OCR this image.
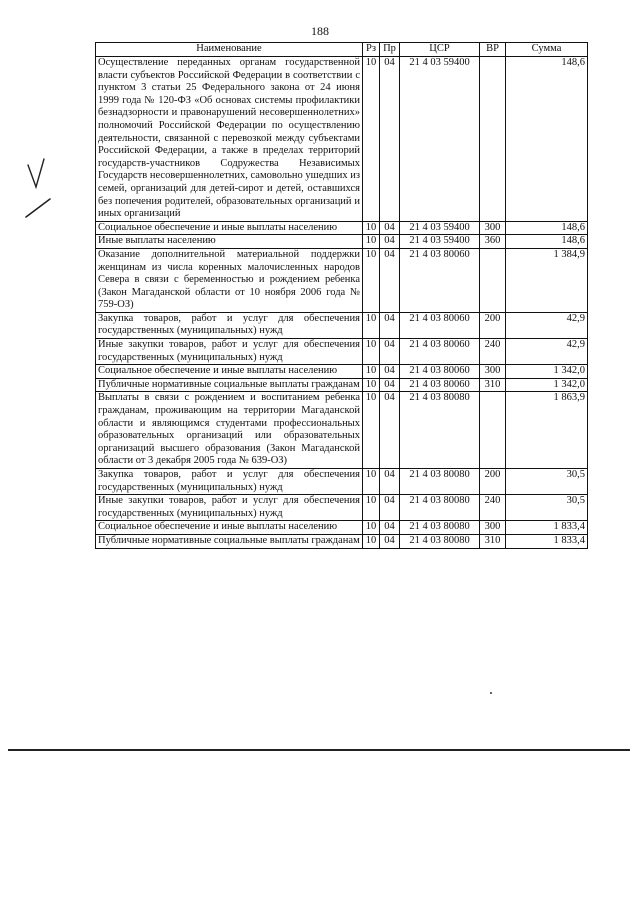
188
Наименование	Рз	Пр	ЦСР	ВР	Сумма
Осуществление переданных органам государственной власти субъектов Российской Федерации в соответствии с пунктом 3 статьи 25 Федерального закона от 24 июня 1999 года № 120-ФЗ «Об основах системы профилактики безнадзорности и правонарушений несовершеннолетних» полномочий Российской Федерации по осуществлению деятельности, связанной с перевозкой между субъектами Российской Федерации, а также в пределах территорий государств-участников Содружества Независимых Государств несовершеннолетних, самовольно ушедших из семей, организаций для детей-сирот и детей, оставшихся без попечения родителей, образовательных организаций и иных организаций	10	04	21 4 03 59400		148,6
Социальное обеспечение и иные выплаты населению	10	04	21 4 03 59400	300	148,6
Иные выплаты населению	10	04	21 4 03 59400	360	148,6
Оказание дополнительной материальной поддержки женщинам из числа коренных малочисленных народов Севера в связи с беременностью и рождением ребенка (Закон Магаданской области от 10 ноября 2006 года № 759-ОЗ)	10	04	21 4 03 80060		1 384,9
Закупка товаров, работ и услуг для обеспечения государственных (муниципальных) нужд	10	04	21 4 03 80060	200	42,9
Иные закупки товаров, работ и услуг для обеспечения государственных (муниципальных) нужд	10	04	21 4 03 80060	240	42,9
Социальное обеспечение и иные выплаты населению	10	04	21 4 03 80060	300	1 342,0
Публичные нормативные социальные выплаты гражданам	10	04	21 4 03 80060	310	1 342,0
Выплаты в связи с рождением и воспитанием ребенка гражданам, проживающим на территории Магаданской области и являющимся студентами профессиональных образовательных организаций или образовательных организаций высшего образования (Закон Магаданской области от 3 декабря 2005 года № 639-ОЗ)	10	04	21 4 03 80080		1 863,9
Закупка товаров, работ и услуг для обеспечения государственных (муниципальных) нужд	10	04	21 4 03 80080	200	30,5
Иные закупки товаров, работ и услуг для обеспечения государственных (муниципальных) нужд	10	04	21 4 03 80080	240	30,5
Социальное обеспечение и иные выплаты населению	10	04	21 4 03 80080	300	1 833,4
Публичные нормативные социальные выплаты гражданам	10	04	21 4 03 80080	310	1 833,4
